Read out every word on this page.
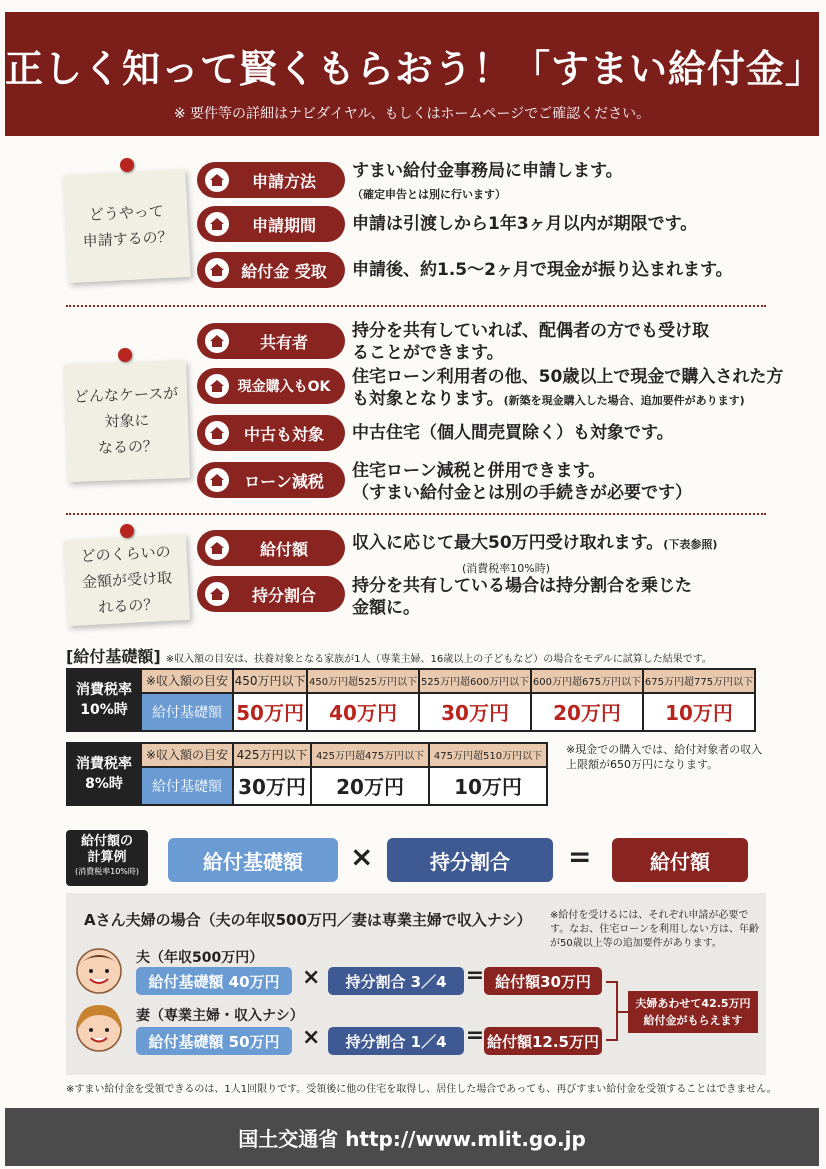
正しく知って賢くもらおう！「すまい給付金」
※ 要件等の詳細はナビダイヤル、もしくはホームページでご確認ください。
どうやって
申請するの？
申請方法	すまい給付金事務局に申請します。
（確定申告とは別に行います）
申請期間	申請は引渡しから1年3ヶ月以内が期限です。
給付金 受取	申請後、約1.5～2ヶ月で現金が振り込まれます。
どんなケースが
対象に
なるの？
共有者
持分を共有していれば、配偶者の方でも受け取
ることができます。
現金購入もOK	住宅ローン利用者の他、50歳以上で現金で購入された方
も対象となります。(新築を現金購入した場合、追加要件があります)
中古も対象	中古住宅（個人間売買除く）も対象です。
ローン減税	住宅ローン減税と併用できます。
（すまい給付金とは別の手続きが必要です）
どのくらいの
金額が受け取
れるの？
給付額	収入に応じて最大50万円受け取れます。(下表参照)
(消費税率10%時)
持分割合	持分を共有している場合は持分割合を乗じた
金額に。
[給付基礎額] ※収入額の目安は、扶養対象となる家族が1人（専業主婦、16歳以上の子どもなど）の場合をモデルに試算した結果です。
消費税率
10%時	※収入額の目安	450万円以下	450万円超525万円以下	525万円超600万円以下	600万円超675万円以下	675万円超775万円以下
	給付基礎額	50万円	40万円	30万円	20万円	10万円
消費税率
8%時	※収入額の目安	425万円以下	425万円超475万円以下	475万円超510万円以下
	給付基礎額	30万円	20万円	10万円
※現金での購入では、給付対象者の収入上限額が650万円になります。
給付額の
計算例
(消費税率10%時)	給付基礎額	×	持分割合	=	給付額
Aさん夫婦の場合（夫の年収500万円／妻は専業主婦で収入ナシ） ※給付を受けるには、それぞれ申請が必要です。なお、住宅ローンを利用しない方は、年齢が50歳以上等の追加要件があります。
夫（年収500万円）
給付基礎額 40万円	×	持分割合 3／4 = 給付額30万円
妻（専業主婦・収入ナシ）
給付基礎額 50万円	×	持分割合 1／4 = 給付額12.5万円
夫婦あわせて42.5万円
給付金がもらえます
※すまい給付金を受領できるのは、1人1回限りです。受領後に他の住宅を取得し、居住した場合であっても、再びすまい給付金を受領することはできません。
国土交通省 http://www.mlit.go.jp
